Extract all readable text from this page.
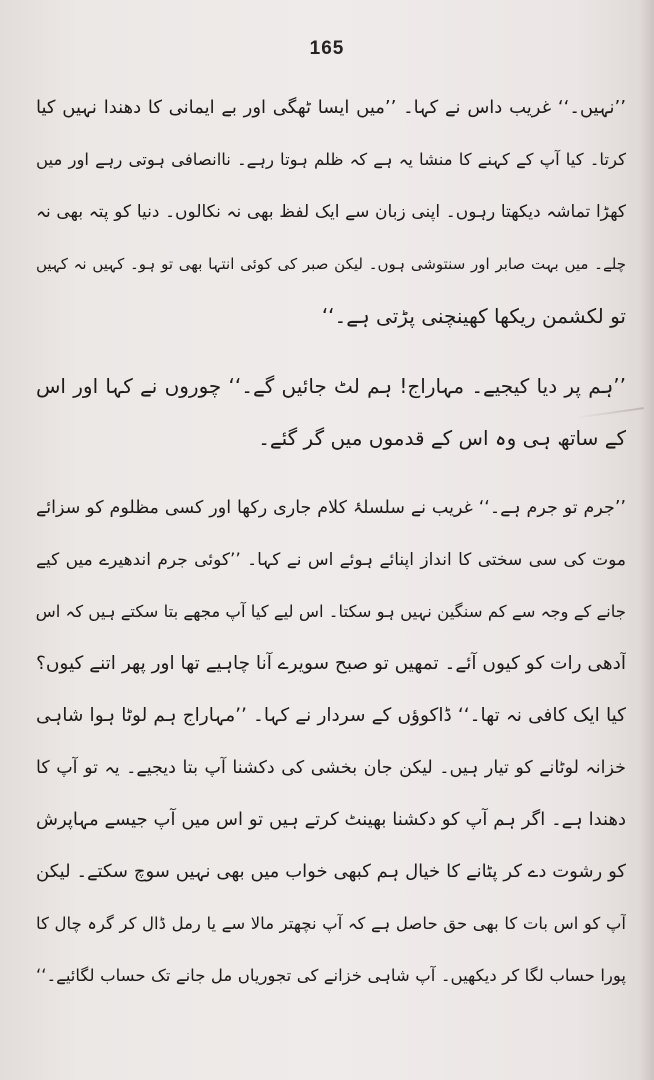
165
’’نہیں۔‘‘ غریب داس نے کہا۔ ’’میں ایسا ٹھگی اور بے ایمانی کا دھندا نہیں کیا
کرتا۔ کیا آپ کے کہنے کا منشا یہ ہے کہ ظلم ہوتا رہے۔ ناانصافی ہوتی رہے اور میں
کھڑا تماشہ دیکھتا رہوں۔ اپنی زبان سے ایک لفظ بھی نہ نکالوں۔ دنیا کو پتہ بھی نہ
چلے۔ میں بہت صابر اور سنتوشی ہوں۔ لیکن صبر کی کوئی انتہا بھی تو ہو۔ کہیں نہ کہیں
تو لکشمن ریکھا کھینچنی پڑتی ہے۔‘‘
’’ہم پر دیا کیجیے۔ مہاراج! ہم لٹ جائیں گے۔‘‘ چوروں نے کہا اور اس
کے ساتھ ہی وہ اس کے قدموں میں گر گئے۔
’’جرم تو جرم ہے۔‘‘ غریب نے سلسلۂ کلام جاری رکھا اور کسی مظلوم کو سزائے
موت کی سی سختی کا انداز اپنائے ہوئے اس نے کہا۔ ’’کوئی جرم اندھیرے میں کیے
جانے کے وجہ سے کم سنگین نہیں ہو سکتا۔ اس لیے کیا آپ مجھے بتا سکتے ہیں کہ اس
آدھی رات کو کیوں آئے۔ تمھیں تو صبح سویرے آنا چاہیے تھا اور پھر اتنے کیوں؟
کیا ایک کافی نہ تھا۔‘‘ ڈاکوؤں کے سردار نے کہا۔ ’’مہاراج ہم لوٹا ہوا شاہی
خزانہ لوٹانے کو تیار ہیں۔ لیکن جان بخشی کی دکشنا آپ بتا دیجیے۔ یہ تو آپ کا
دھندا ہے۔ اگر ہم آپ کو دکشنا بھینٹ کرتے ہیں تو اس میں آپ جیسے مہاپرش
کو رشوت دے کر پٹانے کا خیال ہم کبھی خواب میں بھی نہیں سوچ سکتے۔ لیکن
آپ کو اس بات کا بھی حق حاصل ہے کہ آپ نچھتر مالا سے یا رمل ڈال کر گرہ چال کا
پورا حساب لگا کر دیکھیں۔ آپ شاہی خزانے کی تجوریاں مل جانے تک حساب لگائیے۔‘‘
